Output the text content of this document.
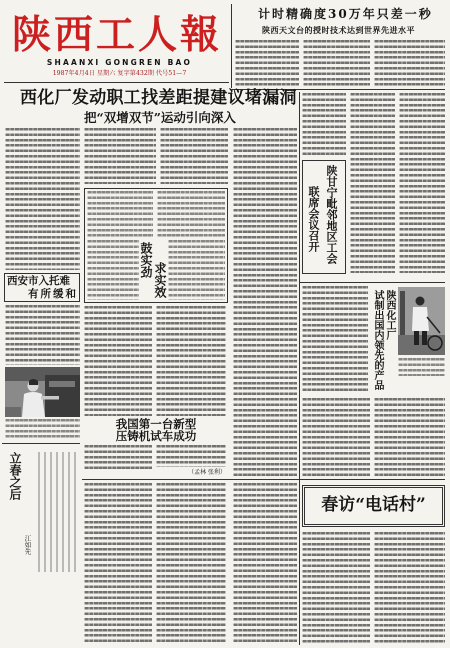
陕西工人報
SHAANXI GONGREN BAO
1987年4月4日 星期六 复字第432期 代号51—7
计时精确度30万年只差一秒
陕西天文台的授时技术达到世界先进水平
西化厂发动职工找差距提建议堵漏洞
把“双增双节”运动引向深入
鼓实劲
求实效
西安市入托难
有所缓和
立春之后
江如先
我国第一台新型
压铸机试车成功
（孟林 张利）
陕甘宁毗邻地区工会
联席会议召开
陕西化工厂
试制出国内领先的产品
春访“电话村”
